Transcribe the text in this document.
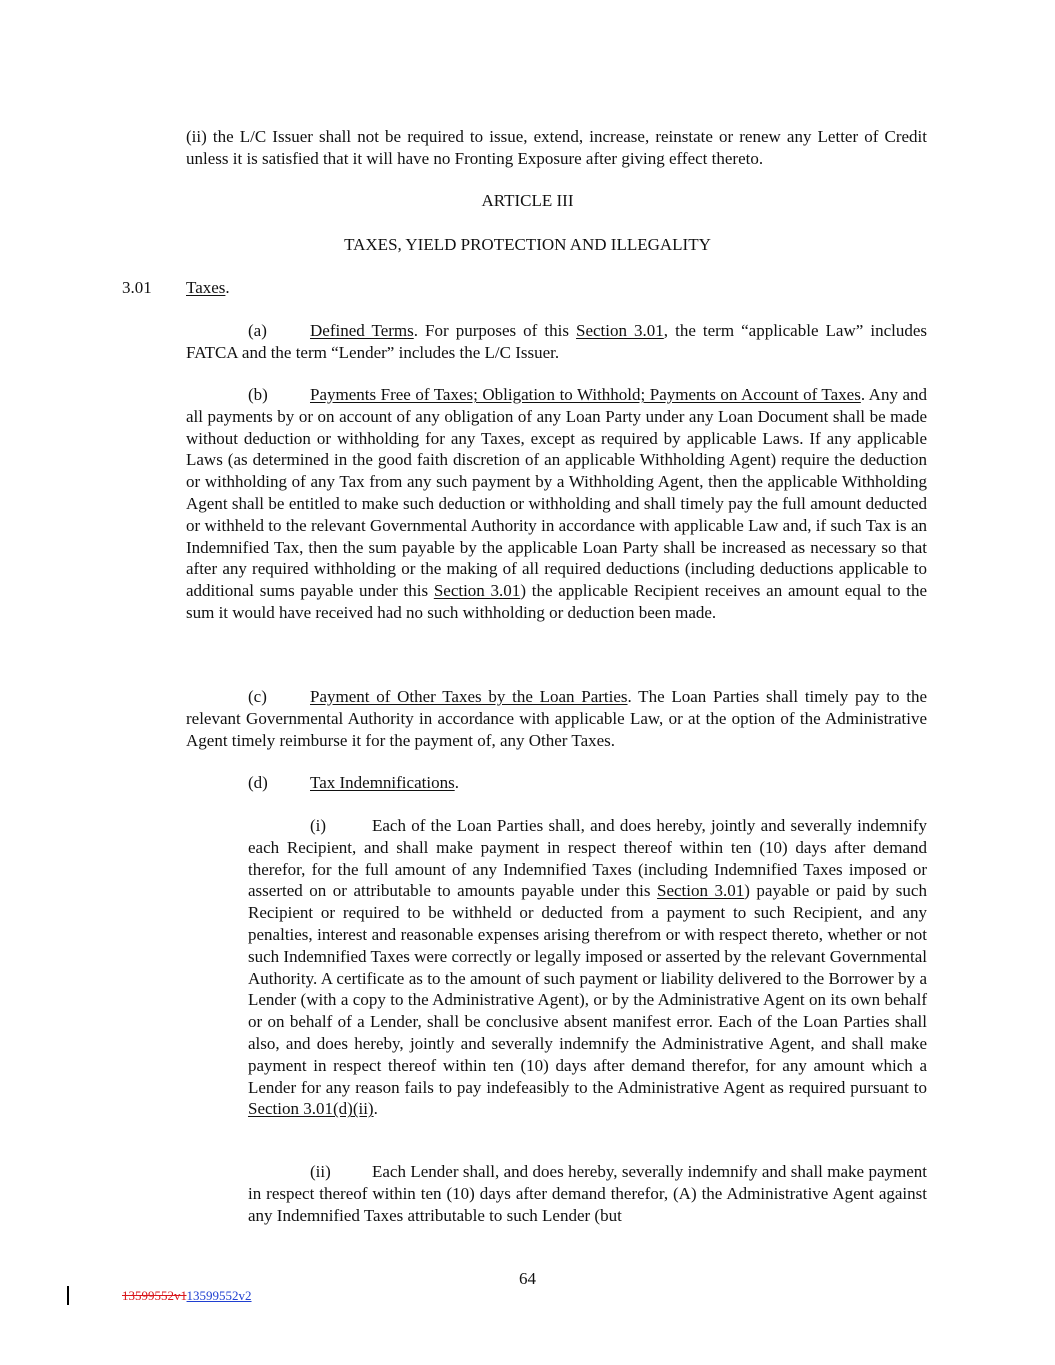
(ii) the L/C Issuer shall not be required to issue, extend, increase, reinstate or renew any Letter of Credit unless it is satisfied that it will have no Fronting Exposure after giving effect thereto.
ARTICLE III
TAXES, YIELD PROTECTION AND ILLEGALITY
3.01 Taxes.
(a)	Defined Terms. For purposes of this Section 3.01, the term “applicable Law” includes FATCA and the term “Lender” includes the L/C Issuer.
(b) Payments Free of Taxes; Obligation to Withhold; Payments on Account of Taxes. Any and all payments by or on account of any obligation of any Loan Party under any Loan Document shall be made without deduction or withholding for any Taxes, except as required by applicable Laws. If any applicable Laws (as determined in the good faith discretion of an applicable Withholding Agent) require the deduction or withholding of any Tax from any such payment by a Withholding Agent, then the applicable Withholding Agent shall be entitled to make such deduction or withholding and shall timely pay the full amount deducted or withheld to the relevant Governmental Authority in accordance with applicable Law and, if such Tax is an Indemnified Tax, then the sum payable by the applicable Loan Party shall be increased as necessary so that after any required withholding or the making of all required deductions (including deductions applicable to additional sums payable under this Section 3.01) the applicable Recipient receives an amount equal to the sum it would have received had no such withholding or deduction been made.
(c)	Payment of Other Taxes by the Loan Parties. The Loan Parties shall timely pay to the relevant Governmental Authority in accordance with applicable Law, or at the option of the Administrative Agent timely reimburse it for the payment of, any Other Taxes.
(d) Tax Indemnifications.
(i)	Each of the Loan Parties shall, and does hereby, jointly and severally indemnify each Recipient, and shall make payment in respect thereof within ten (10) days after demand therefor, for the full amount of any Indemnified Taxes (including Indemnified Taxes imposed or asserted on or attributable to amounts payable under this Section 3.01) payable or paid by such Recipient or required to be withheld or deducted from a payment to such Recipient, and any penalties, interest and reasonable expenses arising therefrom or with respect thereto, whether or not such Indemnified Taxes were correctly or legally imposed or asserted by the relevant Governmental Authority. A certificate as to the amount of such payment or liability delivered to the Borrower by a Lender (with a copy to the Administrative Agent), or by the Administrative Agent on its own behalf or on behalf of a Lender, shall be conclusive absent manifest error. Each of the Loan Parties shall also, and does hereby, jointly and severally indemnify the Administrative Agent, and shall make payment in respect thereof within ten (10) days after demand therefor, for any amount which a Lender for any reason fails to pay indefeasibly to the Administrative Agent as required pursuant to Section 3.01(d)(ii).
(ii) Each Lender shall, and does hereby, severally indemnify and shall make payment in respect thereof within ten (10) days after demand therefor, (A) the Administrative Agent against any Indemnified Taxes attributable to such Lender (but
64
13599552v113599552v2
